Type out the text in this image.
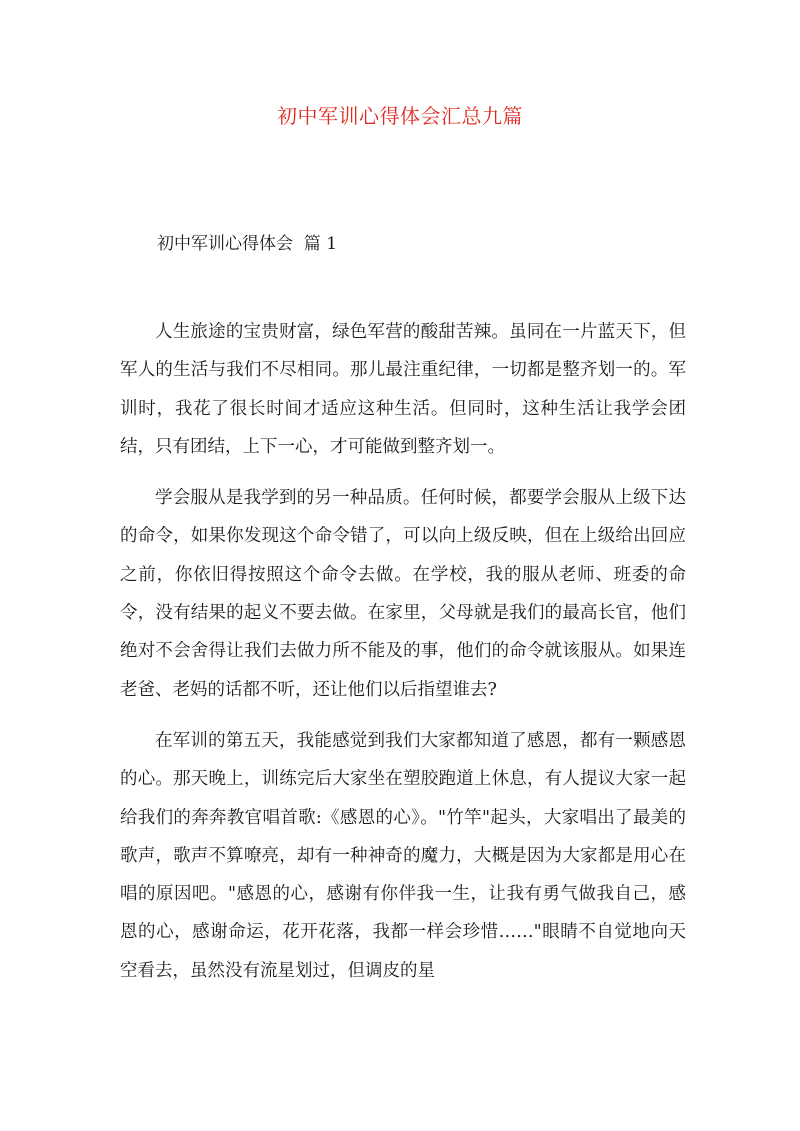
初中军训心得体会汇总九篇
初中军训心得体会  篇 1

人生旅途的宝贵财富，绿色军营的酸甜苦辣。虽同在一片蓝天下，但军人的生活与我们不尽相同。那儿最注重纪律，一切都是整齐划一的。军训时，我花了很长时间才适应这种生活。但同时，这种生活让我学会团结，只有团结，上下一心，才可能做到整齐划一。

学会服从是我学到的另一种品质。任何时候，都要学会服从上级下达的命令，如果你发现这个命令错了，可以向上级反映，但在上级给出回应之前，你依旧得按照这个命令去做。在学校，我的服从老师、班委的命令，没有结果的起义不要去做。在家里，父母就是我们的最高长官，他们绝对不会舍得让我们去做力所不能及的事，他们的命令就该服从。如果连老爸、老妈的话都不听，还让他们以后指望谁去?

在军训的第五天，我能感觉到我们大家都知道了感恩，都有一颗感恩的心。那天晚上，训练完后大家坐在塑胶跑道上休息，有人提议大家一起给我们的奔奔教官唱首歌:《感恩的心》。"竹竿"起头，大家唱出了最美的歌声，歌声不算嘹亮，却有一种神奇的魔力，大概是因为大家都是用心在唱的原因吧。"感恩的心，感谢有你伴我一生，让我有勇气做我自己，感恩的心，感谢命运，花开花落，我都一样会珍惜……"眼睛不自觉地向天空看去，虽然没有流星划过，但调皮的星
